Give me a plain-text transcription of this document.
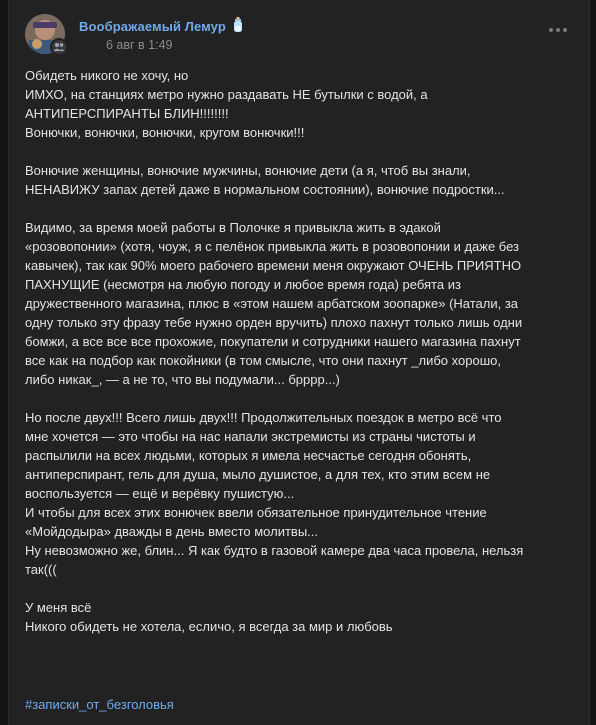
Воображаемый Лемур
6 авг в 1:49

Обидеть никого не хочу, но

ИМХО, на станциях метро нужно раздавать НЕ бутылки с водой, а

АНТИПЕРСПИРАНТЫ БЛИН!!!!!!!!

Вонючки, вонючки, вонючки, кругом вонючки!!!

Вонючие женщины, вонючие мужчины, вонючие дети (а я, чтоб вы знали,

НЕНАВИЖУ запах детей даже в нормальном состоянии), вонючие подростки...

Видимо, за время моей работы в Полочке я привыкла жить в эдакой

«розовопонии» (хотя, чоуж, я с пелёнок привыкла жить в розовопонии и даже без

кавычек), так как 90% моего рабочего времени меня окружают ОЧЕНЬ ПРИЯТНО

ПАХНУЩИЕ (несмотря на любую погоду и любое время года) ребята из

дружественного магазина, плюс в «этом нашем арбатском зоопарке» (Натали, за

одну только эту фразу тебе нужно орден вручить) плохо пахнут только лишь одни

бомжи, а все все все прохожие, покупатели и сотрудники нашего магазина пахнут

все как на подбор как покойники (в том смысле, что они пахнут _либо хорошо,

либо никак_, — а не то, что вы подумали... брррр...)

Но после двух!!! Всего лишь двух!!! Продолжительных поездок в метро всё что

мне хочется — это чтобы на нас напали экстремисты из страны чистоты и

распылили на всех людьми, которых я имела несчастье сегодня обонять,

антиперспирант, гель для душа, мыло душистое, а для тех, кто этим всем не

воспользуется — ещё и верёвку пушистую...

И чтобы для всех этих вонючек ввели обязательное принудительное чтение

«Мойдодыра» дважды в день вместо молитвы...

Ну невозможно же, блин... Я как будто в газовой камере два часа провела, нельзя

так(((

У меня всё

Никого обидеть не хотела, есличо, я всегда за мир и любовь

#записки_от_безголовья
